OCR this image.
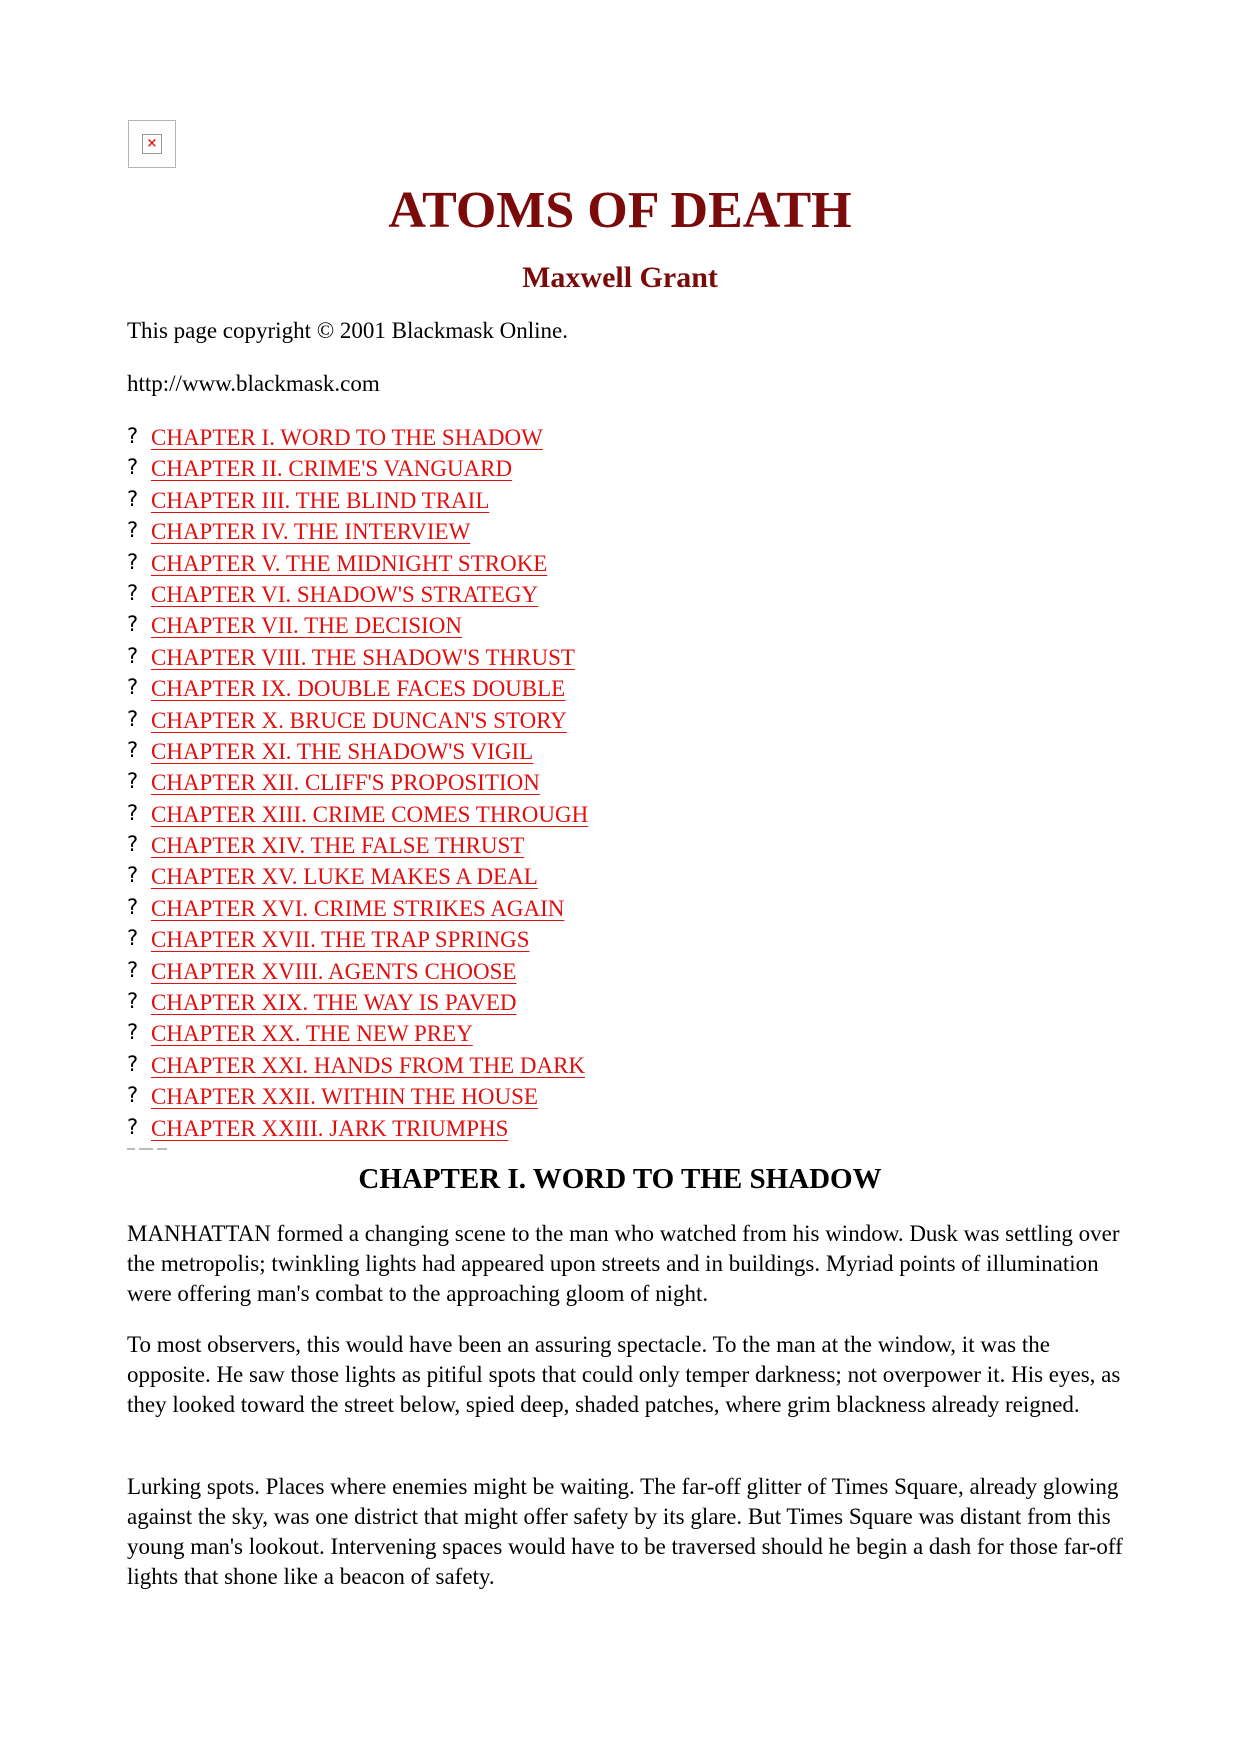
×
ATOMS OF DEATH
Maxwell Grant

This page copyright © 2001 Blackmask Online.

http://www.blackmask.com

? CHAPTER I. WORD TO THE SHADOW
? CHAPTER II. CRIME'S VANGUARD
? CHAPTER III. THE BLIND TRAIL
? CHAPTER IV. THE INTERVIEW
? CHAPTER V. THE MIDNIGHT STROKE
? CHAPTER VI. SHADOW'S STRATEGY
? CHAPTER VII. THE DECISION
? CHAPTER VIII. THE SHADOW'S THRUST
? CHAPTER IX. DOUBLE FACES DOUBLE
? CHAPTER X. BRUCE DUNCAN'S STORY
? CHAPTER XI. THE SHADOW'S VIGIL
? CHAPTER XII. CLIFF'S PROPOSITION
? CHAPTER XIII. CRIME COMES THROUGH
? CHAPTER XIV. THE FALSE THRUST
? CHAPTER XV. LUKE MAKES A DEAL
? CHAPTER XVI. CRIME STRIKES AGAIN
? CHAPTER XVII. THE TRAP SPRINGS
? CHAPTER XVIII. AGENTS CHOOSE
? CHAPTER XIX. THE WAY IS PAVED
? CHAPTER XX. THE NEW PREY
? CHAPTER XXI. HANDS FROM THE DARK
? CHAPTER XXII. WITHIN THE HOUSE
? CHAPTER XXIII. JARK TRIUMPHS
CHAPTER I. WORD TO THE SHADOW

MANHATTAN formed a changing scene to the man who watched from his window. Dusk was settling over the metropolis; twinkling lights had appeared upon streets and in buildings. Myriad points of illumination were offering man's combat to the approaching gloom of night.

To most observers, this would have been an assuring spectacle. To the man at the window, it was the opposite. He saw those lights as pitiful spots that could only temper darkness; not overpower it. His eyes, as they looked toward the street below, spied deep, shaded patches, where grim blackness already reigned.

Lurking spots. Places where enemies might be waiting. The far-off glitter of Times Square, already glowing against the sky, was one district that might offer safety by its glare. But Times Square was distant from this young man's lookout. Intervening spaces would have to be traversed should he begin a dash for those far-off lights that shone like a beacon of safety.
